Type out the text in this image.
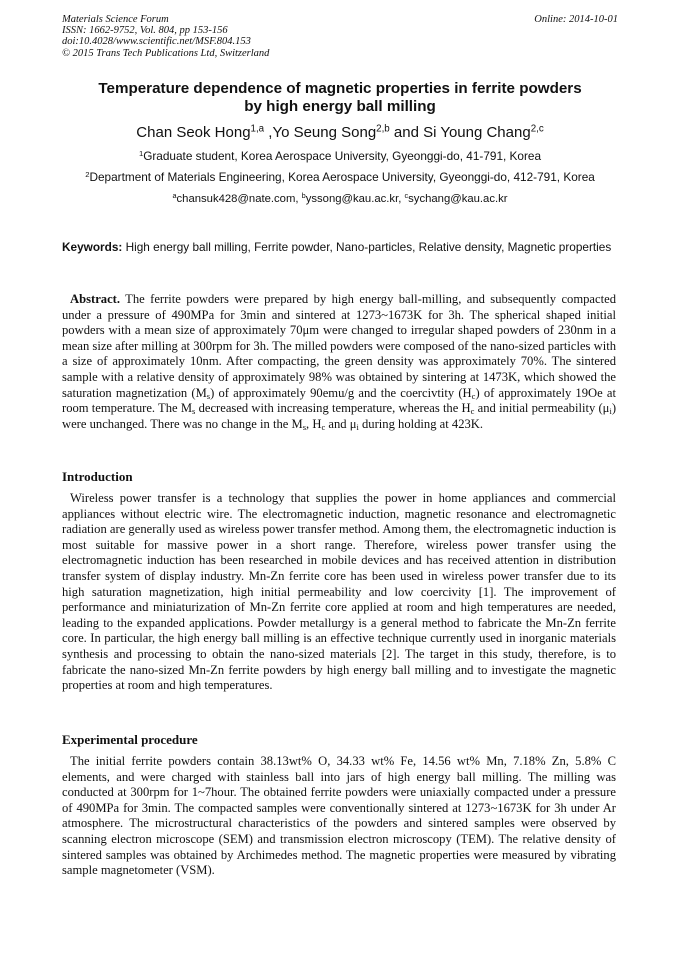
Materials Science Forum
ISSN: 1662-9752, Vol. 804, pp 153-156
doi:10.4028/www.scientific.net/MSF.804.153
© 2015 Trans Tech Publications Ltd, Switzerland
Online: 2014-10-01
Temperature dependence of magnetic properties in ferrite powders
by high energy ball milling
Chan Seok Hong$^{1,a}$ ,Yo Seung Song$^{2,b}$ and Si Young Chang$^{2,c}$
$^1$Graduate student, Korea Aerospace University, Gyeonggi-do, 41-791, Korea
$^2$Department of Materials Engineering, Korea Aerospace University, Gyeonggi-do, 412-791, Korea
$^a$chansuk428@nate.com, $^b$yssong@kau.ac.kr, $^c$sychang@kau.ac.kr
Keywords: High energy ball milling, Ferrite powder, Nano-particles, Relative density, Magnetic properties
Abstract. The ferrite powders were prepared by high energy ball-milling, and subsequently compacted under a pressure of 490MPa for 3min and sintered at 1273~1673K for 3h. The spherical shaped initial powders with a mean size of approximately 70μm were changed to irregular shaped powders of 230nm in a mean size after milling at 300rpm for 3h. The milled powders were composed of the nano-sized particles with a size of approximately 10nm. After compacting, the green density was approximately 70%. The sintered sample with a relative density of approximately 98% was obtained by sintering at 1473K, which showed the saturation magnetization $(M_s)$ of approximately 90emu/g and the coercivtity $(H_c)$ of approximately 19Oe at room temperature. The $M_s$ decreased with increasing temperature, whereas the $H_c$ and initial permeability $(\mu_i)$ were unchanged. There was no change in the $M_s$, $H_c$ and $\mu_i$ during holding at 423K.
Introduction
Wireless power transfer is a technology that supplies the power in home appliances and commercial appliances without electric wire. The electromagnetic induction, magnetic resonance and electromagnetic radiation are generally used as wireless power transfer method. Among them, the electromagnetic induction is most suitable for massive power in a short range. Therefore, wireless power transfer using the electromagnetic induction has been researched in mobile devices and has received attention in distribution transfer system of display industry. Mn-Zn ferrite core has been used in wireless power transfer due to its high saturation magnetization, high initial permeability and low coercivity [1]. The improvement of performance and miniaturization of Mn-Zn ferrite core applied at room and high temperatures are needed, leading to the expanded applications. Powder metallurgy is a general method to fabricate the Mn-Zn ferrite core. In particular, the high energy ball milling is an effective technique currently used in inorganic materials synthesis and processing to obtain the nano-sized materials [2]. The target in this study, therefore, is to fabricate the nano-sized Mn-Zn ferrite powders by high energy ball milling and to investigate the magnetic properties at room and high temperatures.
Experimental procedure
The initial ferrite powders contain 38.13wt% O, 34.33 wt% Fe, 14.56 wt% Mn, 7.18% Zn, 5.8% C elements, and were charged with stainless ball into jars of high energy ball milling. The milling was conducted at 300rpm for 1~7hour. The obtained ferrite powders were uniaxially compacted under a pressure of 490MPa for 3min. The compacted samples were conventionally sintered at 1273~1673K for 3h under Ar atmosphere. The microstructural characteristics of the powders and sintered samples were observed by scanning electron microscope (SEM) and transmission electron microscopy (TEM). The relative density of sintered samples was obtained by Archimedes method. The magnetic properties were measured by vibrating sample magnetometer (VSM).
